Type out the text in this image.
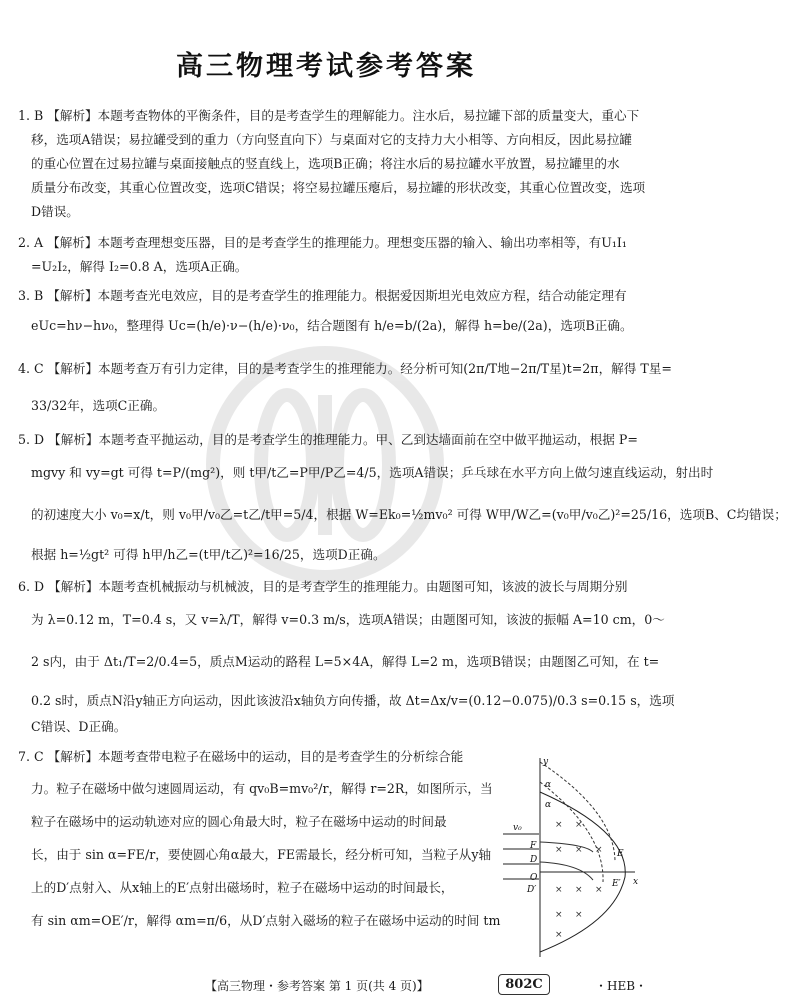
高三物理考试参考答案
1. B 【解析】本题考查物体的平衡条件，目的是考查学生的理解能力。注水后，易拉罐下部的质量变大，重心下
移，选项A错误；易拉罐受到的重力（方向竖直向下）与桌面对它的支持力大小相等、方向相反，因此易拉罐
的重心位置在过易拉罐与桌面接触点的竖直线上，选项B正确；将注水后的易拉罐水平放置，易拉罐里的水
质量分布改变，其重心位置改变，选项C错误；将空易拉罐压瘪后，易拉罐的形状改变，其重心位置改变，选项
D错误。
2. A 【解析】本题考查理想变压器，目的是考查学生的推理能力。理想变压器的输入、输出功率相等，有U₁I₁
=U₂I₂，解得 I₂=0.8 A，选项A正确。
3. B 【解析】本题考查光电效应，目的是考查学生的推理能力。根据爱因斯坦光电效应方程，结合动能定理有
eUc=hν−hν₀，整理得 Uc=(h/e)·ν−(h/e)·ν₀，结合题图有 h/e=b/(2a)，解得 h=be/(2a)，选项B正确。
4. C 【解析】本题考查万有引力定律，目的是考查学生的推理能力。经分析可知(2π/T地−2π/T星)t=2π，解得 T星=
33/32年，选项C正确。
5. D 【解析】本题考查平抛运动，目的是考查学生的推理能力。甲、乙到达墙面前在空中做平抛运动，根据 P=
mgvy 和 vy=gt 可得 t=P/(mg²)，则 t甲/t乙=P甲/P乙=4/5，选项A错误；乒乓球在水平方向上做匀速直线运动，射出时
的初速度大小 v₀=x/t，则 v₀甲/v₀乙=t乙/t甲=5/4，根据 W=Ek₀=½mv₀² 可得 W甲/W乙=(v₀甲/v₀乙)²=25/16，选项B、C均错误；
根据 h=½gt² 可得 h甲/h乙=(t甲/t乙)²=16/25，选项D正确。
6. D 【解析】本题考查机械振动与机械波，目的是考查学生的推理能力。由题图可知，该波的波长与周期分别
为 λ=0.12 m，T=0.4 s，又 v=λ/T，解得 v=0.3 m/s，选项A错误；由题图可知，该波的振幅 A=10 cm，0～
2 s内，由于 Δt₁/T=2/0.4=5，质点M运动的路程 L=5×4A，解得 L=2 m，选项B错误；由题图乙可知，在 t=
0.2 s时，质点N沿y轴正方向运动，因此该波沿x轴负方向传播，故 Δt=Δx/v=(0.12−0.075)/0.3 s=0.15 s，选项
C错误、D正确。
7. C 【解析】本题考查带电粒子在磁场中的运动，目的是考查学生的分析综合能
力。粒子在磁场中做匀速圆周运动，有 qv₀B=mv₀²/r，解得 r=2R，如图所示，当
粒子在磁场中的运动轨迹对应的圆心角最大时，粒子在磁场中运动的时间最
长，由于 sin α=FE/r，要使圆心角α最大，FE需最长，经分析可知，当粒子从y轴
上的D′点射入、从x轴上的E′点射出磁场时，粒子在磁场中运动的时间最长，
有 sin αm=OE′/r，解得 αm=π/6，从D′点射入磁场的粒子在磁场中运动的时间 tm
× ×
× × ×
× × ×
× ×
×
y
α
α
v₀
F
D
E
O
D′
E′ x
【高三物理・参考答案 第 1 页(共 4 页)】	802C	・HEB・
